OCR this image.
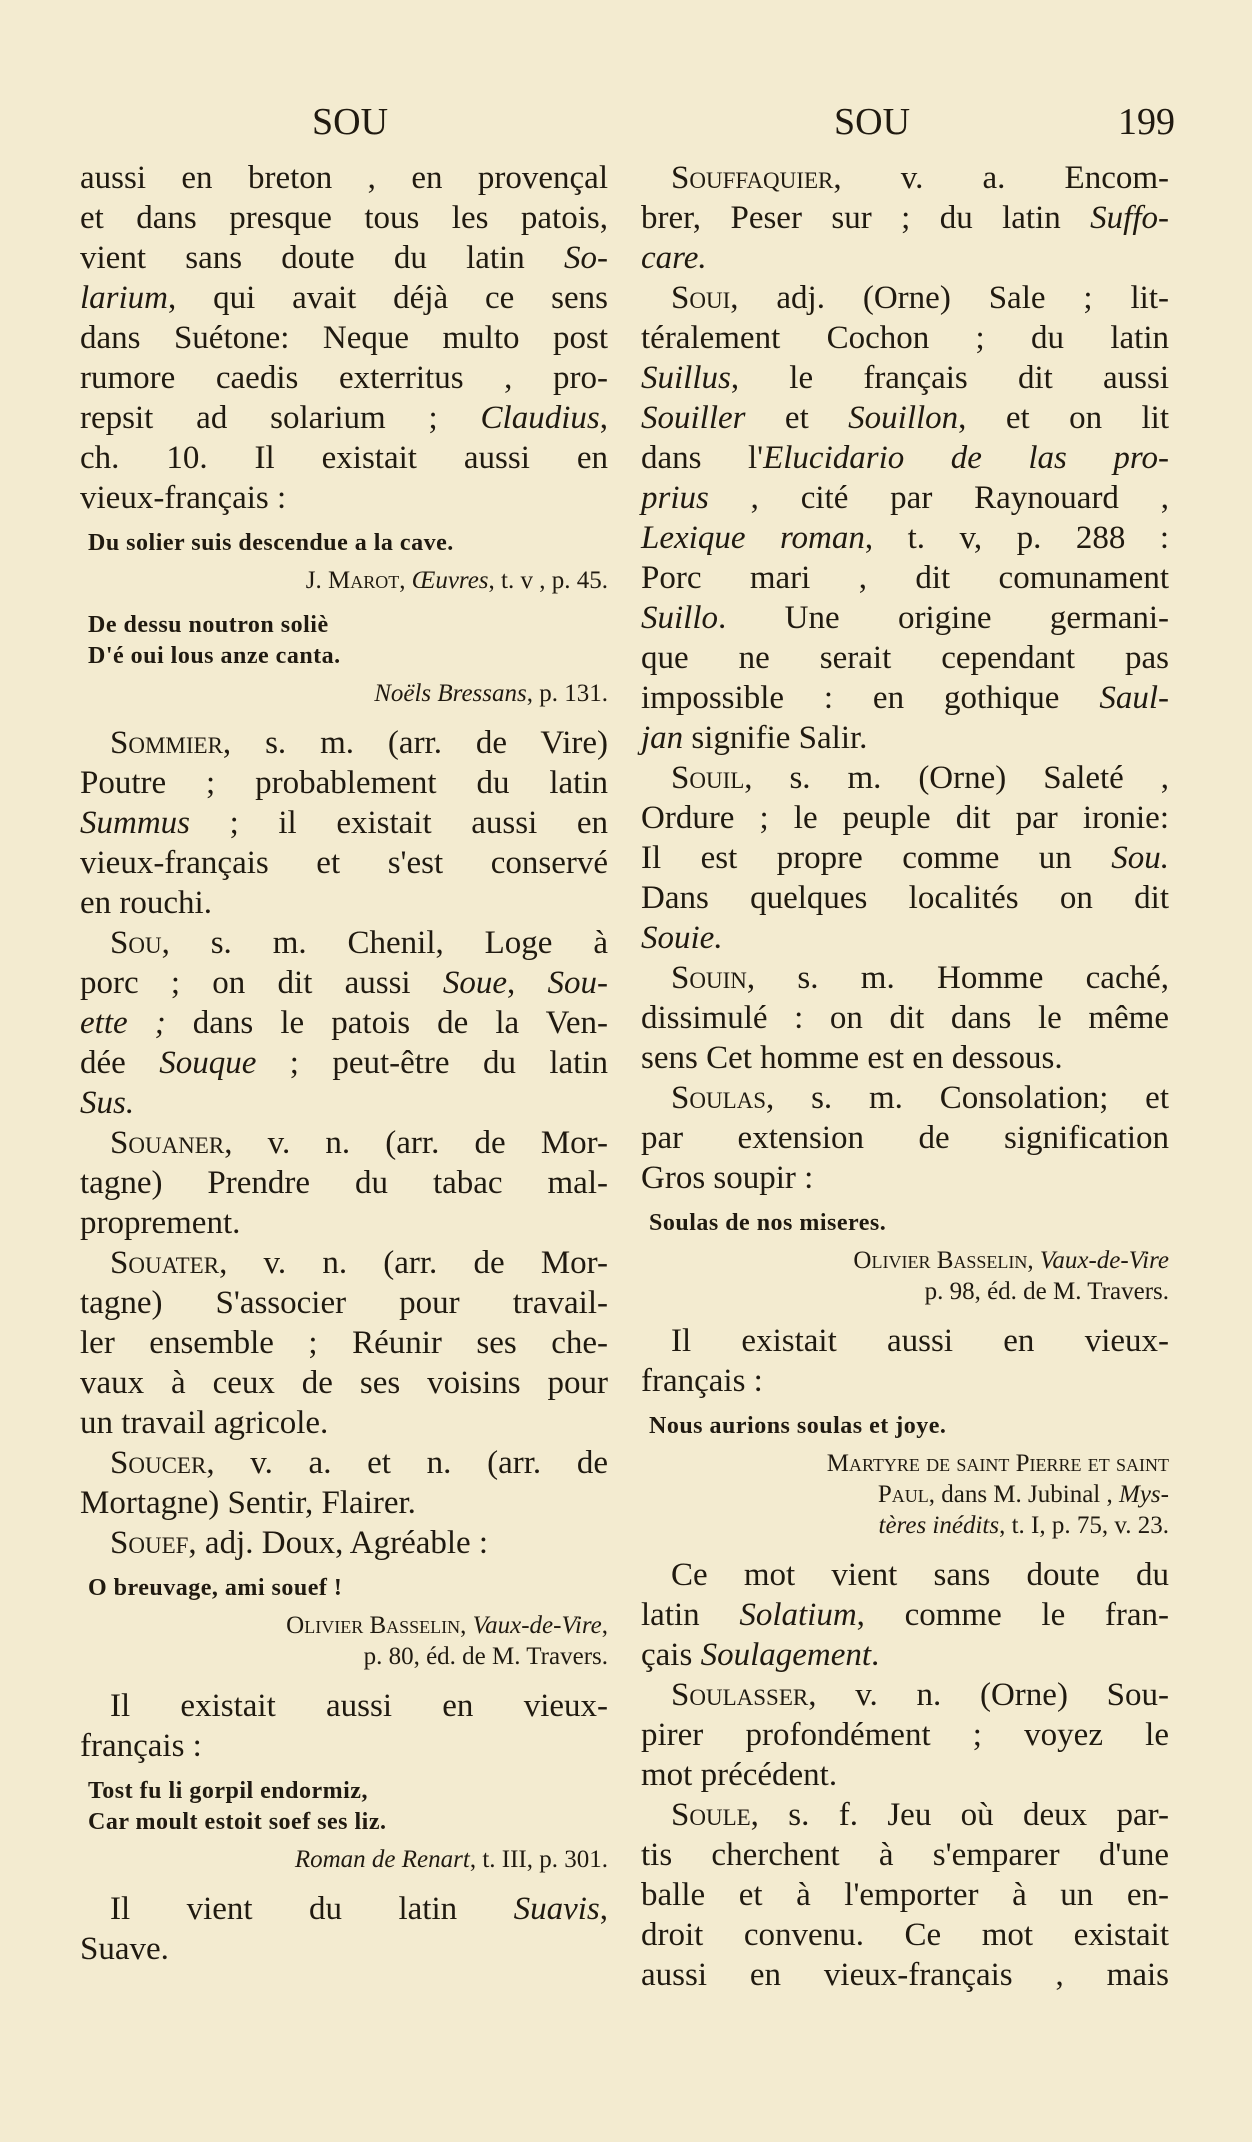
SOU	SOU	199
aussi en breton , en provençal
et dans presque tous les patois,
vient sans doute du latin So-
larium, qui avait déjà ce sens
dans Suétone: Neque multo post
rumore caedis exterritus , pro-
repsit ad solarium ; Claudius,
ch. 10. Il existait aussi en
vieux-français :
Du solier suis descendue a la cave.
J. Marot, Œuvres, t. v , p. 45.
De dessu noutron soliè
D'é oui lous anze canta.
Noëls Bressans, p. 131.
Sommier, s. m. (arr. de Vire)
Poutre ; probablement du latin
Summus ; il existait aussi en
vieux-français et s'est conservé
en rouchi.
Sou, s. m. Chenil, Loge à
porc ; on dit aussi Soue, Sou-
ette ; dans le patois de la Ven-
dée Souque ; peut-être du latin
Sus.
Souaner, v. n. (arr. de Mor-
tagne) Prendre du tabac mal-
proprement.
Souater, v. n. (arr. de Mor-
tagne) S'associer pour travail-
ler ensemble ; Réunir ses che-
vaux à ceux de ses voisins pour
un travail agricole.
Soucer, v. a. et n. (arr. de
Mortagne) Sentir, Flairer.
Souef, adj. Doux, Agréable :
O breuvage, ami souef !
Olivier Basselin, Vaux-de-Vire,
p. 80, éd. de M. Travers.
Il existait aussi en vieux-
français :
Tost fu li gorpil endormiz,
Car moult estoit soef ses liz.
Roman de Renart, t. III, p. 301.
Il vient du latin Suavis,
Suave.
Souffaquier, v. a. Encom-
brer, Peser sur ; du latin Suffo-
care.
Soui, adj. (Orne) Sale ; lit-
téralement Cochon ; du latin
Suillus, le français dit aussi
Souiller et Souillon, et on lit
dans l'Elucidario de las pro-
prius , cité par Raynouard ,
Lexique roman, t. v, p. 288 :
Porc mari , dit comunament
Suillo. Une origine germani-
que ne serait cependant pas
impossible : en gothique Saul-
jan signifie Salir.
Souil, s. m. (Orne) Saleté ,
Ordure ; le peuple dit par ironie:
Il est propre comme un Sou.
Dans quelques localités on dit
Souie.
Souin, s. m. Homme caché,
dissimulé : on dit dans le même
sens Cet homme est en dessous.
Soulas, s. m. Consolation; et
par extension de signification
Gros soupir :
Soulas de nos miseres.
Olivier Basselin, Vaux-de-Vire
p. 98, éd. de M. Travers.
Il existait aussi en vieux-
français :
Nous aurions soulas et joye.
Martyre de saint Pierre et saint
Paul, dans M. Jubinal , Mys-
tères inédits, t. I, p. 75, v. 23.
Ce mot vient sans doute du
latin Solatium, comme le fran-
çais Soulagement.
Soulasser, v. n. (Orne) Sou-
pirer profondément ; voyez le
mot précédent.
Soule, s. f. Jeu où deux par-
tis cherchent à s'emparer d'une
balle et à l'emporter à un en-
droit convenu. Ce mot existait
aussi en vieux-français , mais
